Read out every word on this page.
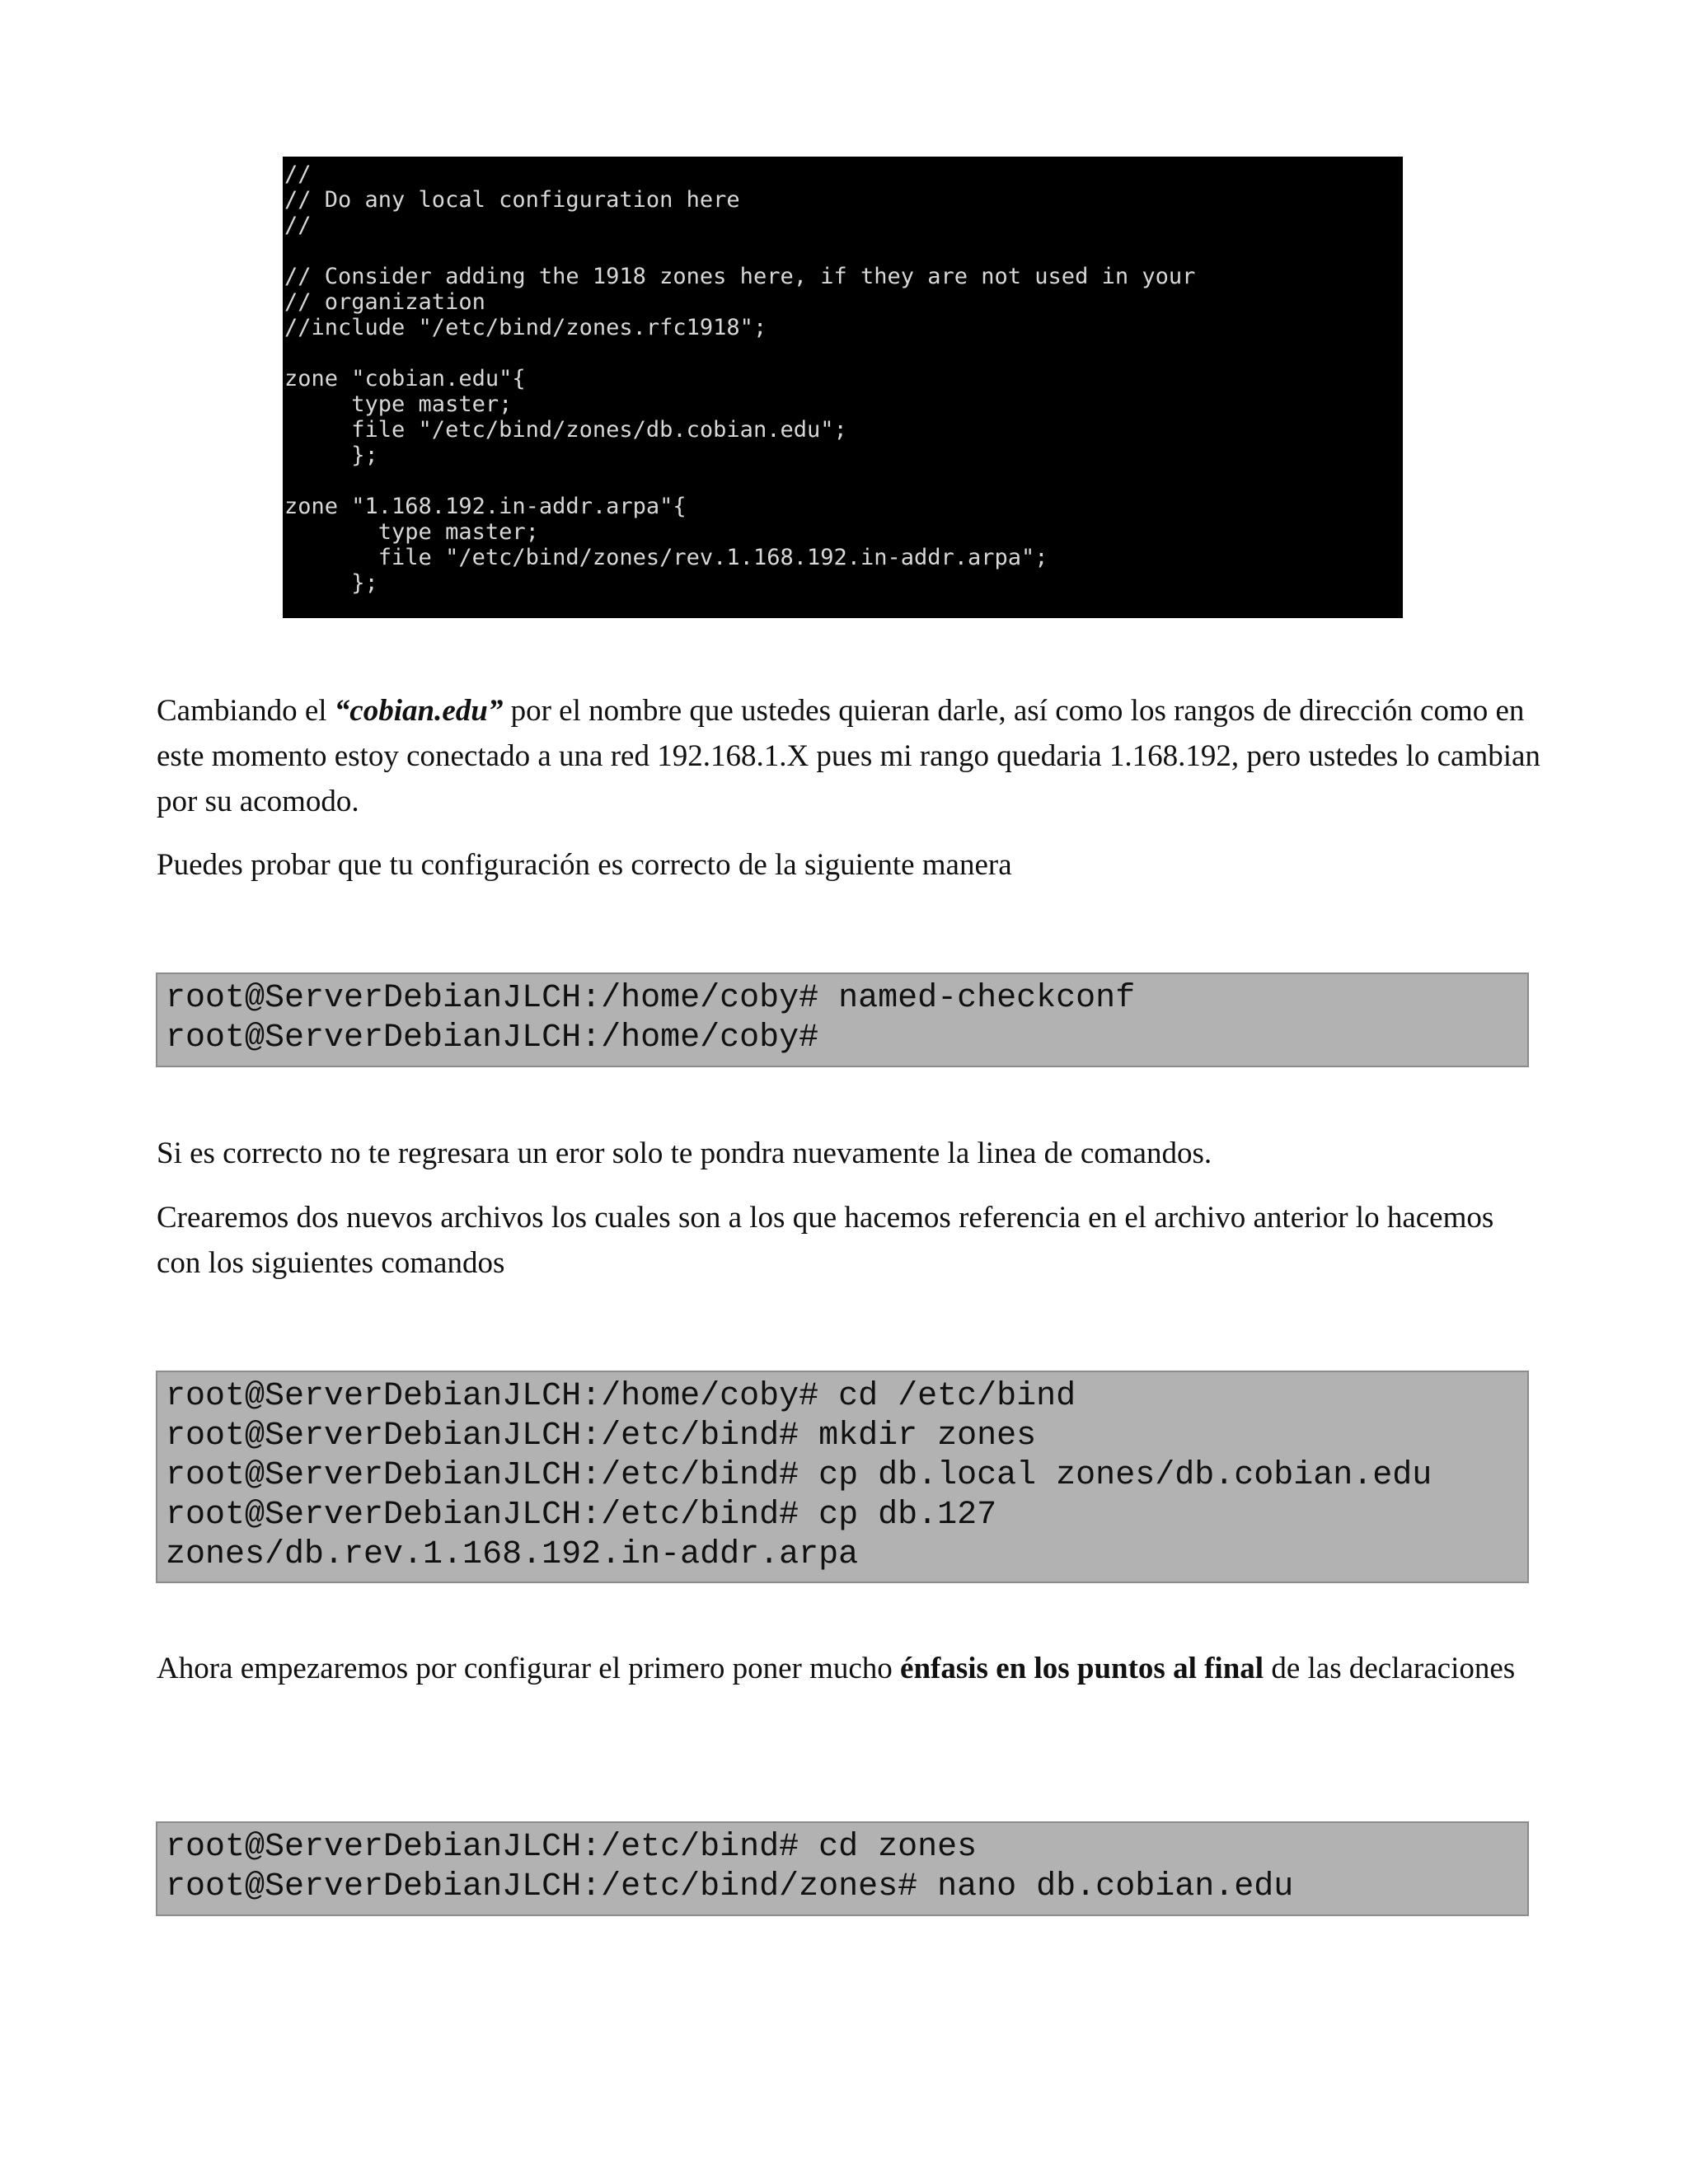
//
// Do any local configuration here
//
// Consider adding the 1918 zones here, if they are not used in your
// organization
//include "/etc/bind/zones.rfc1918";
zone "cobian.edu"{
type master;
file "/etc/bind/zones/db.cobian.edu";
};
zone "1.168.192.in-addr.arpa"{
type master;
file "/etc/bind/zones/rev.1.168.192.in-addr.arpa";
};

Cambiando el “cobian.edu” por el nombre que ustedes quieran darle, así como los rangos de dirección como en este momento estoy conectado a una red 192.168.1.X pues mi rango quedaria 1.168.192, pero ustedes lo cambian por su acomodo.

Puedes probar que tu configuración es correcto de la siguiente manera

root@ServerDebianJLCH:/home/coby# named-checkconf
root@ServerDebianJLCH:/home/coby#

Si es correcto no te regresara un eror solo te pondra nuevamente la linea de comandos.

Crearemos dos nuevos archivos los cuales son a los que hacemos referencia en el archivo anterior lo hacemos con los siguientes comandos

root@ServerDebianJLCH:/home/coby# cd /etc/bind
root@ServerDebianJLCH:/etc/bind# mkdir zones
root@ServerDebianJLCH:/etc/bind# cp db.local zones/db.cobian.edu
root@ServerDebianJLCH:/etc/bind# cp db.127
zones/db.rev.1.168.192.in-addr.arpa

Ahora empezaremos por configurar el primero poner mucho énfasis en los puntos al final de las declaraciones

root@ServerDebianJLCH:/etc/bind# cd zones
root@ServerDebianJLCH:/etc/bind/zones# nano db.cobian.edu
